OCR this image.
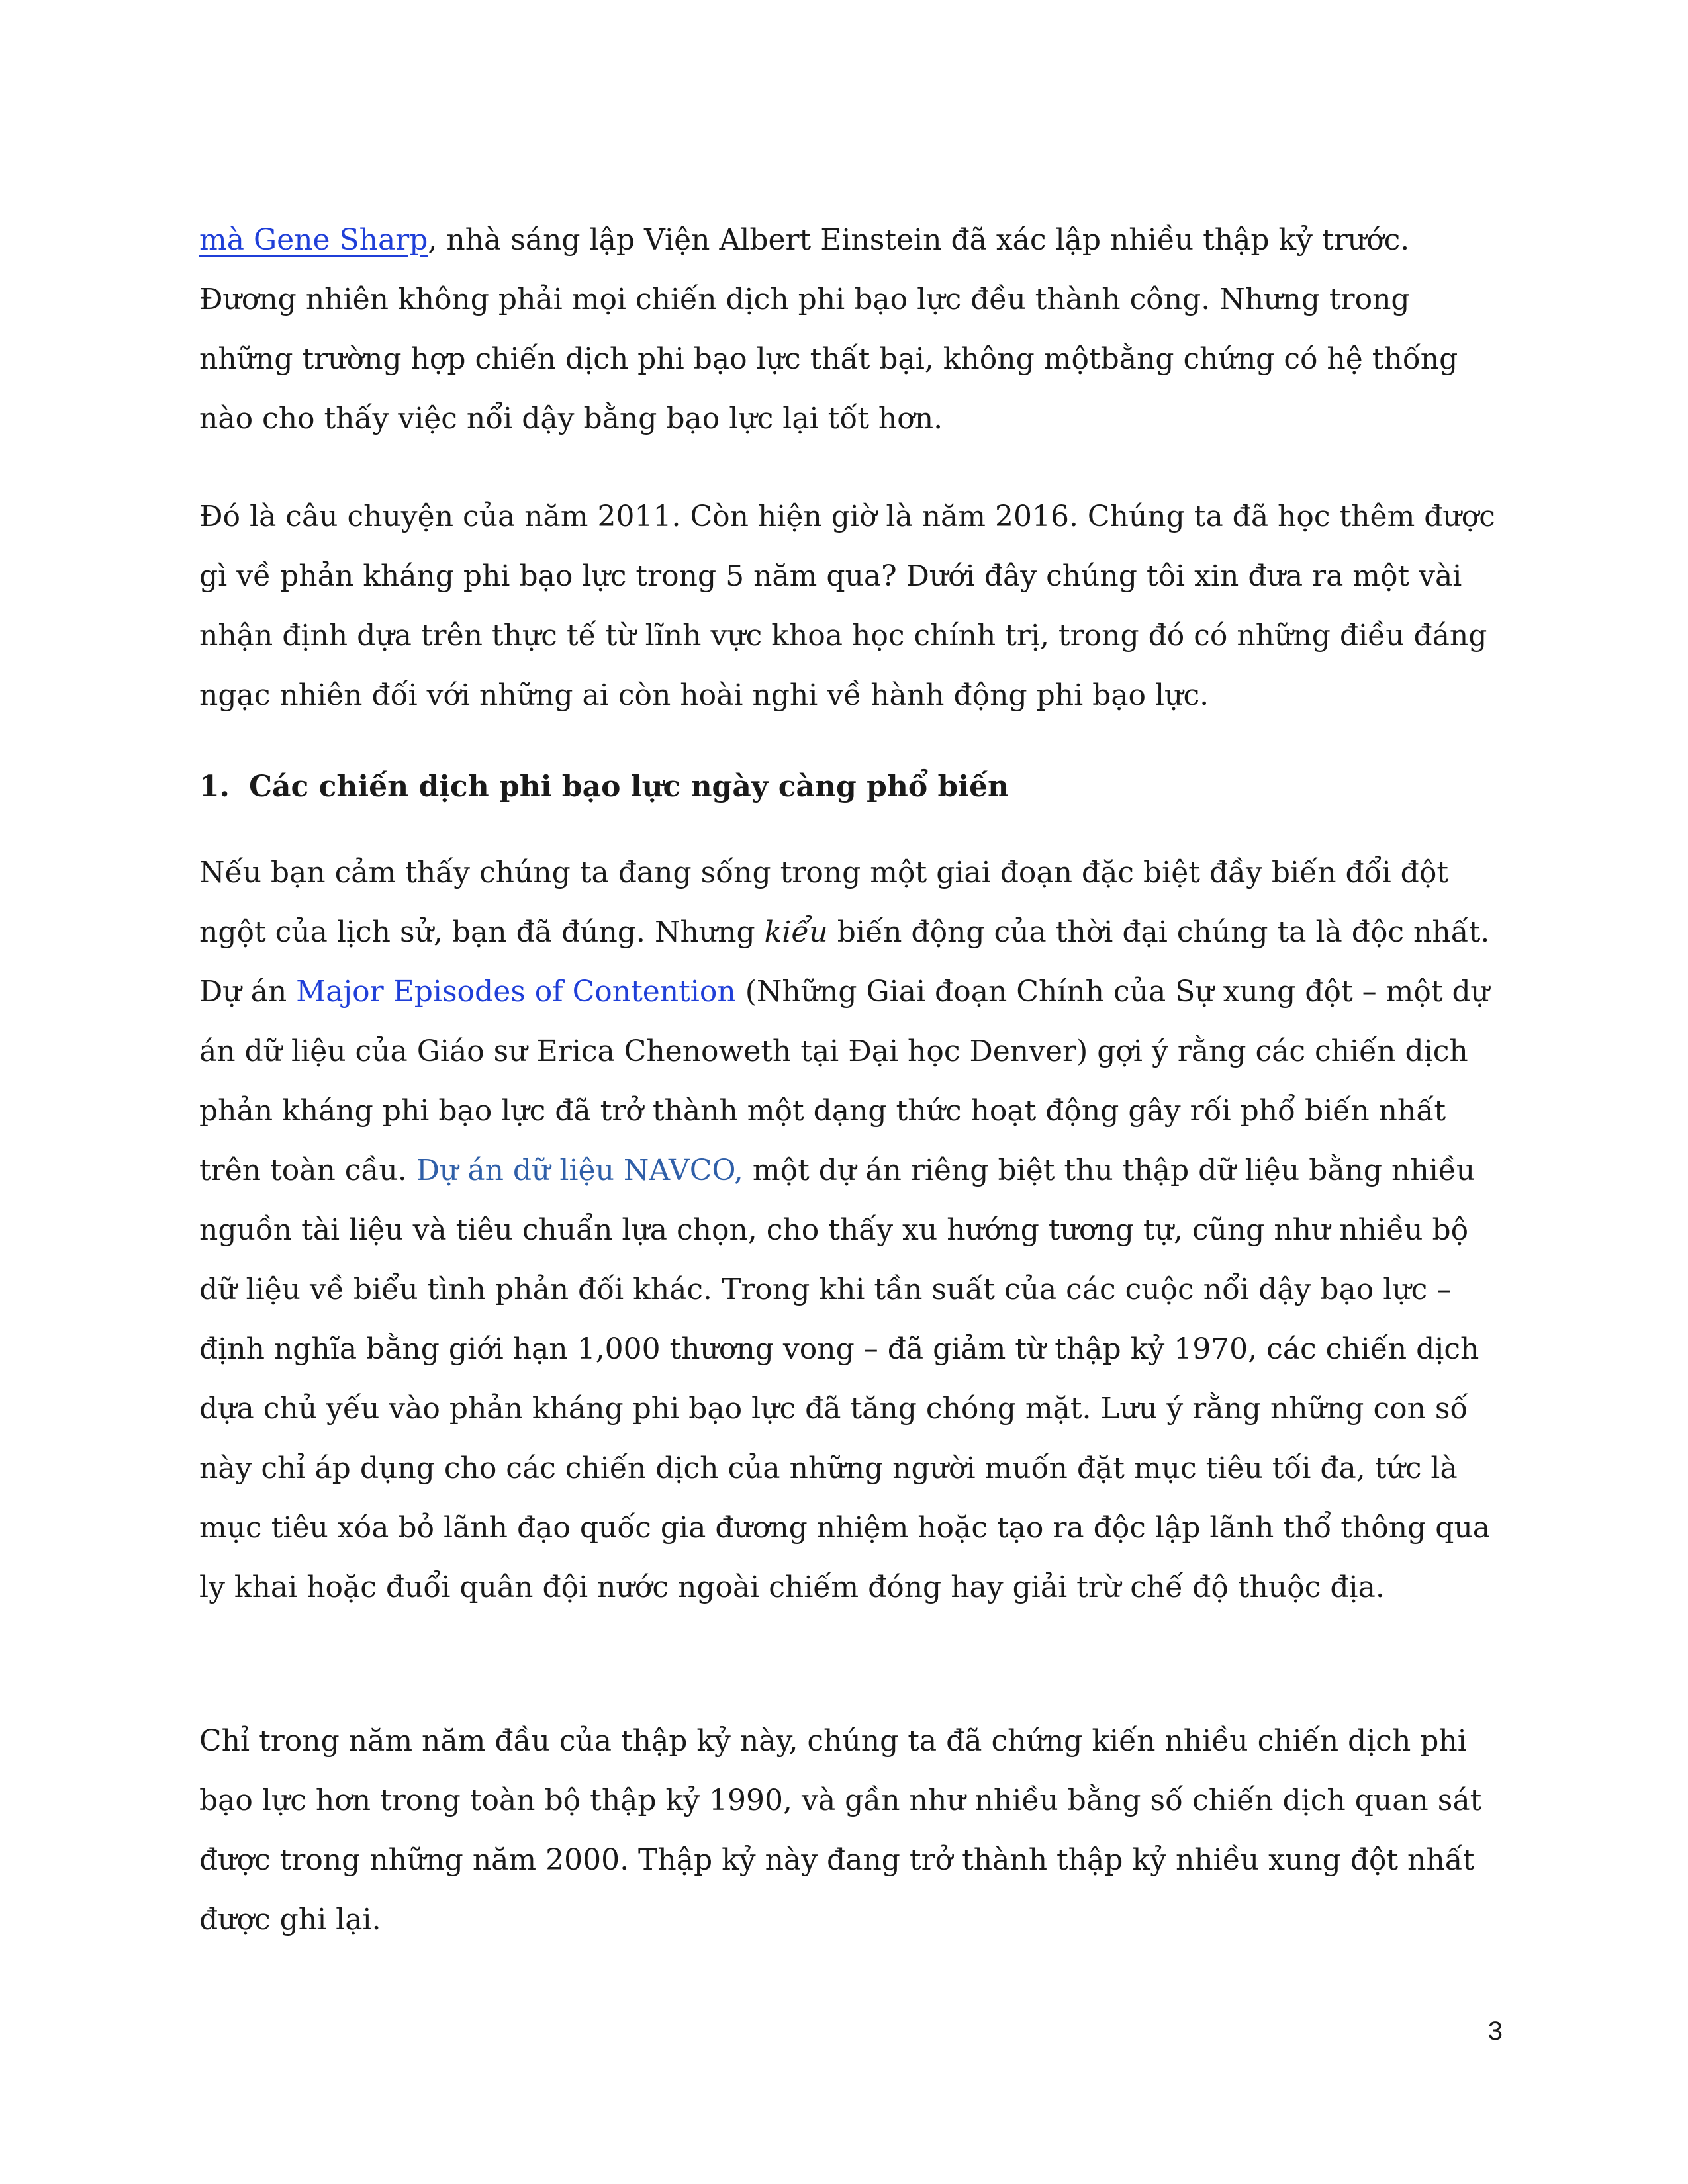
mà Gene Sharp, nhà sáng lập Viện Albert Einstein đã xác lập nhiều thập kỷ trước. Đương nhiên không phải mọi chiến dịch phi bạo lực đều thành công. Nhưng trong những trường hợp chiến dịch phi bạo lực thất bại, không mộtbằng chứng có hệ thống nào cho thấy việc nổi dậy bằng bạo lực lại tốt hơn.

Đó là câu chuyện của năm 2011. Còn hiện giờ là năm 2016. Chúng ta đã học thêm được gì về phản kháng phi bạo lực trong 5 năm qua? Dưới đây chúng tôi xin đưa ra một vài nhận định dựa trên thực tế từ lĩnh vực khoa học chính trị, trong đó có những điều đáng ngạc nhiên đối với những ai còn hoài nghi về hành động phi bạo lực.

1. Các chiến dịch phi bạo lực ngày càng phổ biến

Nếu bạn cảm thấy chúng ta đang sống trong một giai đoạn đặc biệt đầy biến đổi đột ngột của lịch sử, bạn đã đúng. Nhưng kiểu biến động của thời đại chúng ta là độc nhất. Dự án Major Episodes of Contention (Những Giai đoạn Chính của Sự xung đột – một dự án dữ liệu của Giáo sư Erica Chenoweth tại Đại học Denver) gợi ý rằng các chiến dịch phản kháng phi bạo lực đã trở thành một dạng thức hoạt động gây rối phổ biến nhất trên toàn cầu. Dự án dữ liệu NAVCO, một dự án riêng biệt thu thập dữ liệu bằng nhiều nguồn tài liệu và tiêu chuẩn lựa chọn, cho thấy xu hướng tương tự, cũng như nhiều bộ dữ liệu về biểu tình phản đối khác. Trong khi tần suất của các cuộc nổi dậy bạo lực – định nghĩa bằng giới hạn 1,000 thương vong – đã giảm từ thập kỷ 1970, các chiến dịch dựa chủ yếu vào phản kháng phi bạo lực đã tăng chóng mặt. Lưu ý rằng những con số này chỉ áp dụng cho các chiến dịch của những người muốn đặt mục tiêu tối đa, tức là mục tiêu xóa bỏ lãnh đạo quốc gia đương nhiệm hoặc tạo ra độc lập lãnh thổ thông qua ly khai hoặc đuổi quân đội nước ngoài chiếm đóng hay giải trừ chế độ thuộc địa.

Chỉ trong năm năm đầu của thập kỷ này, chúng ta đã chứng kiến nhiều chiến dịch phi bạo lực hơn trong toàn bộ thập kỷ 1990, và gần như nhiều bằng số chiến dịch quan sát được trong những năm 2000. Thập kỷ này đang trở thành thập kỷ nhiều xung đột nhất được ghi lại.

3
